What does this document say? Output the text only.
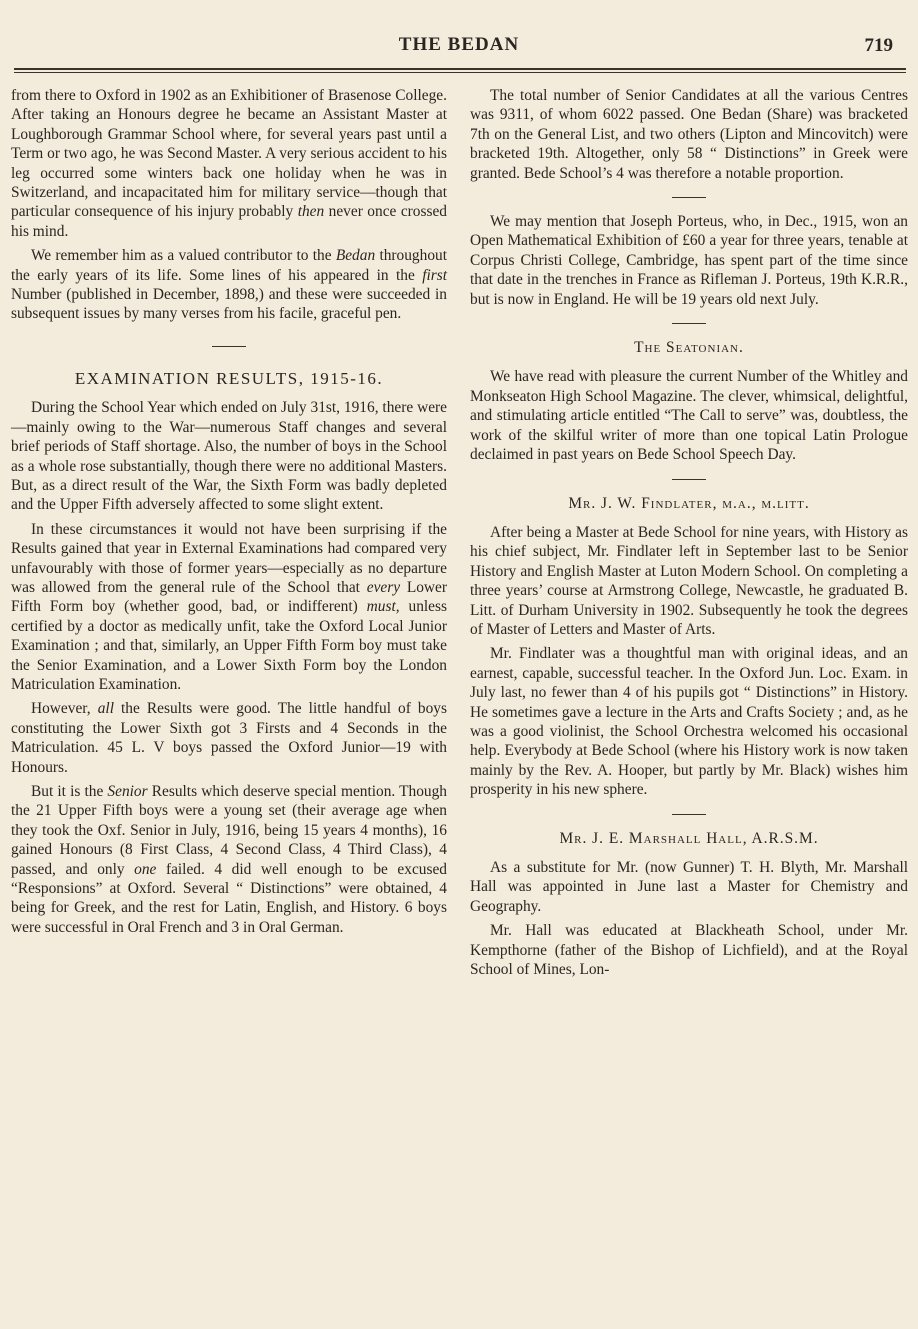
THE BEDAN	719

from there to Oxford in 1902 as an Exhibitioner of Brasenose College. After taking an Honours degree he became an Assistant Master at Loughborough Grammar School where, for several years past until a Term or two ago, he was Second Master. A very serious accident to his leg occurred some winters back one holiday when he was in Switzerland, and incapacitated him for military service—though that particular consequence of his injury probably then never once crossed his mind.

We remember him as a valued contributor to the Bedan throughout the early years of its life. Some lines of his appeared in the first Number (published in December, 1898,) and these were succeeded in subsequent issues by many verses from his facile, graceful pen.

EXAMINATION RESULTS, 1915-16.

During the School Year which ended on July 31st, 1916, there were—mainly owing to the War—numerous Staff changes and several brief periods of Staff shortage. Also, the number of boys in the School as a whole rose substantially, though there were no additional Masters. But, as a direct result of the War, the Sixth Form was badly depleted and the Upper Fifth adversely affected to some slight extent.

In these circumstances it would not have been surprising if the Results gained that year in External Examinations had compared very unfavourably with those of former years—especially as no departure was allowed from the general rule of the School that every Lower Fifth Form boy (whether good, bad, or indifferent) must, unless certified by a doctor as medically unfit, take the Oxford Local Junior Examination ; and that, similarly, an Upper Fifth Form boy must take the Senior Examination, and a Lower Sixth Form boy the London Matriculation Examination.

However, all the Results were good. The little handful of boys constituting the Lower Sixth got 3 Firsts and 4 Seconds in the Matriculation. 45 L. V boys passed the Oxford Junior—19 with Honours.

But it is the Senior Results which deserve special mention. Though the 21 Upper Fifth boys were a young set (their average age when they took the Oxf. Senior in July, 1916, being 15 years 4 months), 16 gained Honours (8 First Class, 4 Second Class, 4 Third Class), 4 passed, and only one failed. 4 did well enough to be excused “Responsions” at Oxford. Several “ Distinctions” were obtained, 4 being for Greek, and the rest for Latin, English, and History. 6 boys were successful in Oral French and 3 in Oral German.

The total number of Senior Candidates at all the various Centres was 9311, of whom 6022 passed. One Bedan (Share) was bracketed 7th on the General List, and two others (Lipton and Mincovitch) were bracketed 19th. Altogether, only 58 “ Distinctions” in Greek were granted. Bede School’s 4 was therefore a notable proportion.

We may mention that Joseph Porteus, who, in Dec., 1915, won an Open Mathematical Exhibition of £60 a year for three years, tenable at Corpus Christi College, Cambridge, has spent part of the time since that date in the trenches in France as Rifleman J. Porteus, 19th K.R.R., but is now in England. He will be 19 years old next July.

The Seatonian.

We have read with pleasure the current Number of the Whitley and Monkseaton High School Magazine. The clever, whimsical, delightful, and stimulating article entitled “The Call to serve” was, doubtless, the work of the skilful writer of more than one topical Latin Prologue declaimed in past years on Bede School Speech Day.

Mr. J. W. Findlater, m.a., m.litt.

After being a Master at Bede School for nine years, with History as his chief subject, Mr. Findlater left in September last to be Senior History and English Master at Luton Modern School. On completing a three years’ course at Armstrong College, Newcastle, he graduated B. Litt. of Durham University in 1902. Subsequently he took the degrees of Master of Letters and Master of Arts.

Mr. Findlater was a thoughtful man with original ideas, and an earnest, capable, successful teacher. In the Oxford Jun. Loc. Exam. in July last, no fewer than 4 of his pupils got “ Distinctions” in History. He sometimes gave a lecture in the Arts and Crafts Society ; and, as he was a good violinist, the School Orchestra welcomed his occasional help. Everybody at Bede School (where his History work is now taken mainly by the Rev. A. Hooper, but partly by Mr. Black) wishes him prosperity in his new sphere.

Mr. J. E. Marshall Hall, A.R.S.M.

As a substitute for Mr. (now Gunner) T. H. Blyth, Mr. Marshall Hall was appointed in June last a Master for Chemistry and Geography.

Mr. Hall was educated at Blackheath School, under Mr. Kempthorne (father of the Bishop of Lichfield), and at the Royal School of Mines, Lon-
